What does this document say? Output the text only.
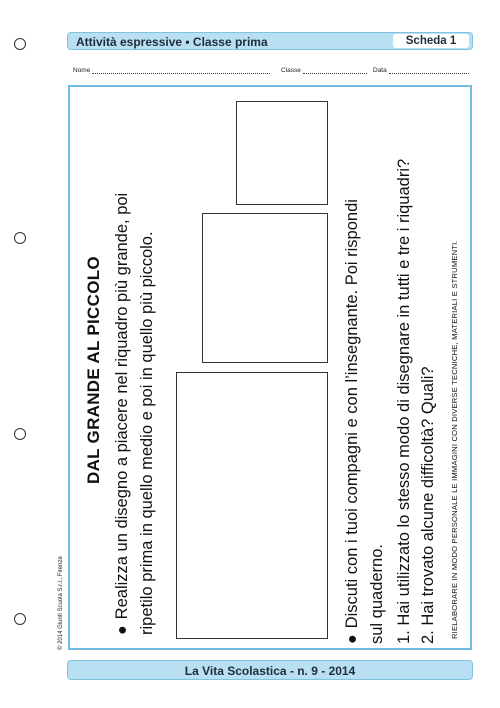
Attività espressive • Classe prima	Scheda 1
Nome	Classe	Data
DAL GRANDE AL PICCOLO
●Realizza un disegno a piacere nel riquadro più grande, poi ripetilo prima in quello medio e poi in quello più piccolo.
●Discuti con i tuoi compagni e con l’insegnante. Poi rispondi sul quaderno. 1. Hai utilizzato lo stesso modo di disegnare in tutti e tre i riquadri? 2. Hai trovato alcune difficoltà? Quali?	RIELABORARE IN MODO PERSONALE LE IMMAGINI CON DIVERSE TECNICHE, MATERIALI E STRUMENTI.
© 2014 Giunti Scuola S.r.l., Firenze
La Vita Scolastica - n. 9 - 2014
